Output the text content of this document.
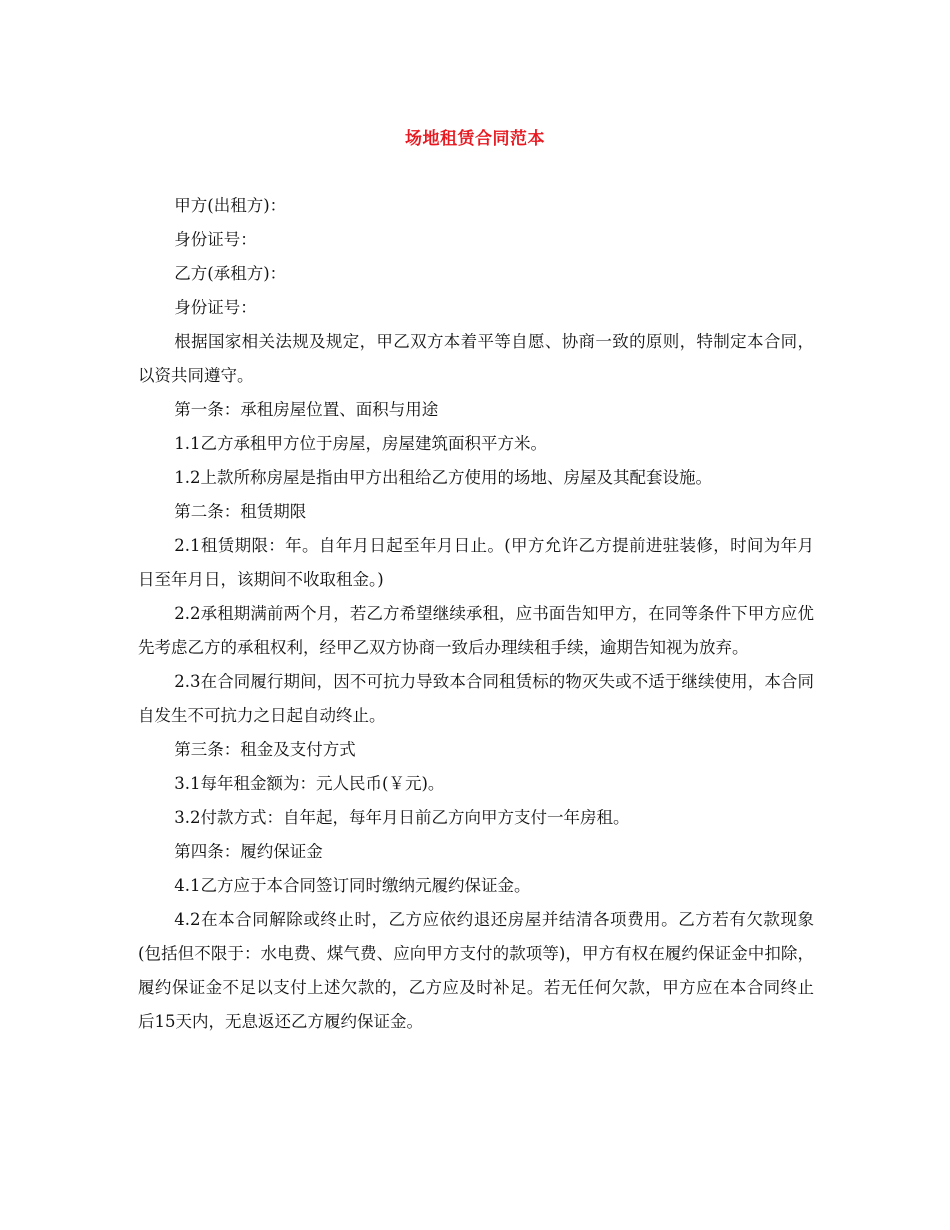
场地租赁合同范本

甲方(出租方)：

身份证号：

乙方(承租方)：

身份证号：

根据国家相关法规及规定，甲乙双方本着平等自愿、协商一致的原则，特制定本合同，以资共同遵守。

第一条：承租房屋位置、面积与用途

1.1乙方承租甲方位于房屋，房屋建筑面积平方米。

1.2上款所称房屋是指由甲方出租给乙方使用的场地、房屋及其配套设施。

第二条：租赁期限

2.1租赁期限：年。自年月日起至年月日止。(甲方允许乙方提前进驻装修，时间为年月日至年月日，该期间不收取租金。)

2.2承租期满前两个月，若乙方希望继续承租，应书面告知甲方，在同等条件下甲方应优先考虑乙方的承租权利，经甲乙双方协商一致后办理续租手续，逾期告知视为放弃。

2.3在合同履行期间，因不可抗力导致本合同租赁标的物灭失或不适于继续使用，本合同自发生不可抗力之日起自动终止。

第三条：租金及支付方式

3.1每年租金额为：元人民币(￥元)。

3.2付款方式：自年起，每年月日前乙方向甲方支付一年房租。

第四条：履约保证金

4.1乙方应于本合同签订同时缴纳元履约保证金。

4.2在本合同解除或终止时，乙方应依约退还房屋并结清各项费用。乙方若有欠款现象(包括但不限于：水电费、煤气费、应向甲方支付的款项等)，甲方有权在履约保证金中扣除，履约保证金不足以支付上述欠款的，乙方应及时补足。若无任何欠款，甲方应在本合同终止后15天内，无息返还乙方履约保证金。
